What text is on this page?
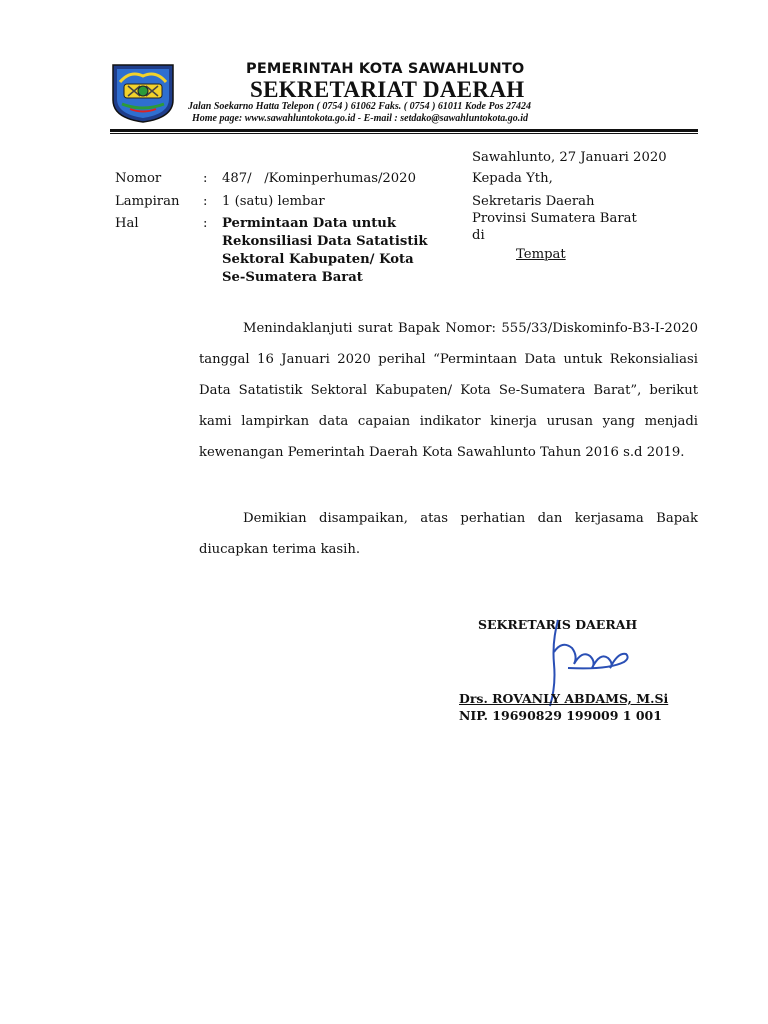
PEMERINTAH KOTA SAWAHLUNTO
SEKRETARIAT DAERAH
Jalan Soekarno Hatta Telepon ( 0754 ) 61062 Faks. ( 0754 ) 61011 Kode Pos 27424
Home page: www.sawahluntokota.go.id - E-mail : setdako@sawahluntokota.go.id
Sawahlunto, 27 Januari 2020
Nomor	: 487/   /Kominperhumas/2020
Lampiran : 1 (satu) lembar
Hal	: Permintaan Data untuk
Rekonsiliasi Data Satatistik
Sektoral Kabupaten/ Kota
Se-Sumatera Barat
Kepada Yth,
Sekretaris Daerah
Provinsi Sumatera Barat
di
Tempat

Menindaklanjuti surat Bapak Nomor: 555/33/Diskominfo-B3-I-2020 tanggal 16 Januari 2020 perihal “Permintaan Data untuk Rekonsialiasi Data Satatistik Sektoral Kabupaten/ Kota Se-Sumatera Barat”, berikut kami lampirkan data capaian indikator kinerja urusan yang menjadi kewenangan Pemerintah Daerah Kota Sawahlunto Tahun 2016 s.d 2019.

Demikian disampaikan, atas perhatian dan kerjasama Bapak diucapkan terima kasih.

SEKRETARIS DAERAH
Drs. ROVANLY ABDAMS, M.Si
NIP. 19690829 199009 1 001
